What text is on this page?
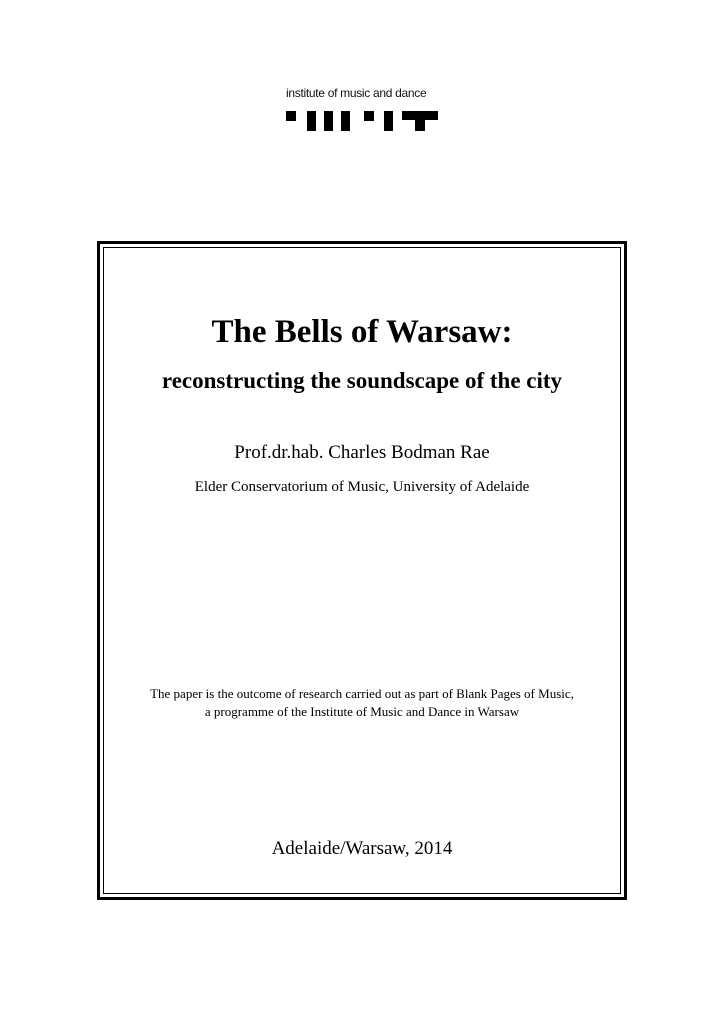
institute of music and dance
The Bells of Warsaw:
reconstructing the soundscape of the city
Prof.dr.hab. Charles Bodman Rae
Elder Conservatorium of Music, University of Adelaide
The paper is the outcome of research carried out as part of Blank Pages of Music,
a programme of the Institute of Music and Dance in Warsaw
Adelaide/Warsaw, 2014
